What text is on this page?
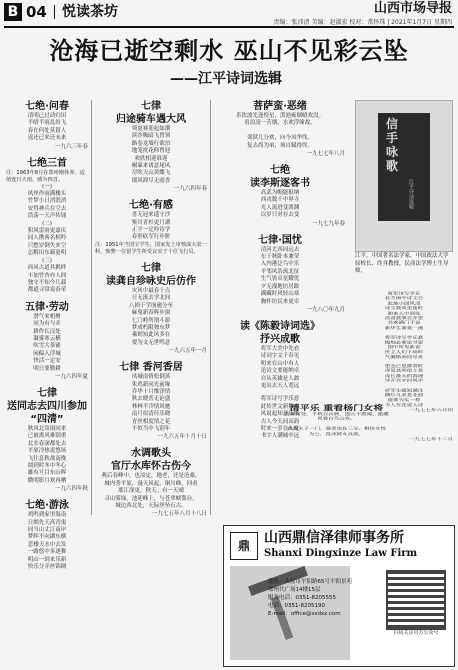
B 04 悦读茶坊	山西市场导报
责编：张沛清 美编：赵淑宏 校对：常怀珠 | 2021年1月7日 星期四
沧海已逝空剩水 巫山不见彩云坠
——江平诗词选辑
七绝·问春
清明已过动归田
半晴半雨乱纷飞
春在何处莫留人
返还已来还未来
一九六三年春
七绝三首
注：1963年8月在郑州刚休养，适值连日大雨，感为四首。
(一)
风丝作雨满楼头
竹梦小日消泯消
安得神兵在空去
浩荡一天声传诵
(二)
积风雷雨更嘉庆
同人携客名相吟
只愁岁倒失来空
怎解出东霸更明
(三)
西风古道其羁绊
丰加竹杏亦人间
独守不知今几载
都道寻常说春荣
五律·劳动
潜气来相聚
同为有与并
耕作长汉处
凝雾寒云横
吹雪大茶铺
闲偏入浮城
快活一定安
明日要勤耕
一九六四年夏
七律
送同志去四川参加
“四清”
秋风北寄雨同来
已被离风难别重
北水春深都处去
平原冷热说悠场
飞往息秋战南挽
阅到时冬中冬心
雄有旦目东山晖
微明影月欢再栖
一九六四年秋
七绝·游泳
鸡鸣到家里海南
日烟先天高青鬼
同当山丈江南岸
梦晖不向湖东横
悲楼天水中去发
一路悠中多逐舞
明山一到来乐新
快乐分弄丝锦绸
七律
归途骑车遇大风
须更赛迎起如潮
滨沙吸暗飞曾领
路卷龙墙行欲泊
地笼扰花仰曾迎
欢欣相迎谁迎
桐暴来诸意尾风
尽吹天山黄蝶飞
细风卸尽无雨香
一九六四年春
七绝·有感
喜无冠来遥守沙
鉴川青衫更月湖
正平一定吟诗学
春形砍军行步阶
注：1951年当国宝学生，国家发上审核成大农一科，恢弊一位留学生所受议实于十位飞行员。
七律
读龚自珍咏史后仿作
灾风中最春十点
日无流去学北间
八损于学崩逾分至
麻鬼新春晖步窗
七门岭所谓斗游
梦成朽限独东梦
乘则知此风多在
要为文无世鸣意
一九六五年一月
七律 香河香居
凤城南情松倒蒸
朱鸡新同光前缘
乔华十月惟泽情
秋去晓峦无论盛
林林半冷情风驰
南月宿清佳乐晓
青丝相度情之花
不似当中飞别年
一九六五年十月十日
水调歌头
官厅水库怀古伤今
燕后春峰中，也凉定，地老，还是沧桑，
城内秀平原，漫天风起，铜川峰，回看
那江深更，秋天。有一天晴
寻山雾绿，池迎峰上，与苍翠峡梨台。
城边西北处，天际丝坠石古。
一九七五年八月十八日
菩萨蛮·恶绪
乐饮波光逢悦星，泼池雍烟晴欢没。
看浪凌一苦烟，水欢浮缘故。

郊狱几分欢，向今凤华终。
复去尚为弟，须自赋得终。
一九七七年八月
七绝
读李斯逐客书
高武为帽能报纳
西戎数千中界寺
光人流进变渡渊
以岁只对存去变
一九七九年春
七律·国忧
清河尤西同远去
东千秋卧本兼荣
入内港泛鸟中乐
平邻风浩流北征
生气皆卓星耀优
夕无漫地坊居跋
满藏时风轻山寒
胸怀坊民来更卓
一九八〇年九月
读《陈毅诗词选》
抒兴成歌
将军大美中先看
诗词字文千春见
明来在山中有人
论诗文要能纳卓
自从英雄是人敢
更出去天人宽远
将军诗写学乐意
此传世文新数书
风说起知意乐歌
古人今天同高韵
时来一岁在人宽
书字人满城中远
信
手
咏
歌
江平诗词选辑
江平，中国著名法学家，中国政法大学原校长、终身教授，民商法学博士生导师。
将军诗写学乐
北方雨中诗文日
此地小国风清
诗文我凤见夜时
朝来人中到处
浩清我事自开思
共欢满门不说
新华生命欢一流

将军诗写学乐意
抛刻必要里寻思
国中所见新说
民主人们下场时
气凝斯神同尽世
思念已是霹雳时
得见其所依士赏
成长最大的真理
诗开自宇问风中

折军生疲知满洋
偶尔凡来是北面
道要为实一样
今人在花说人诗
一九七七年六月初
清平乐 重看杨门女将
英雄何处，千秋百兵戟，遗山不胜阔，蕴藏
风卷白鸟山存。

看我夫子一门，强者也在三分。相扶女性
为公，范冰妹女兵欢。
一九七七年十二月
鼎	山西鼎信泽律师事务所
Shanxi Dingxinze Law Firm
地址：太原市平阳路65号平阳景苑
郑州代广场14楼15层
服务电话：0351-8205555
电话：0351-8205190
E-mail：office@sxdxz.com
扫码关注官方公众号
